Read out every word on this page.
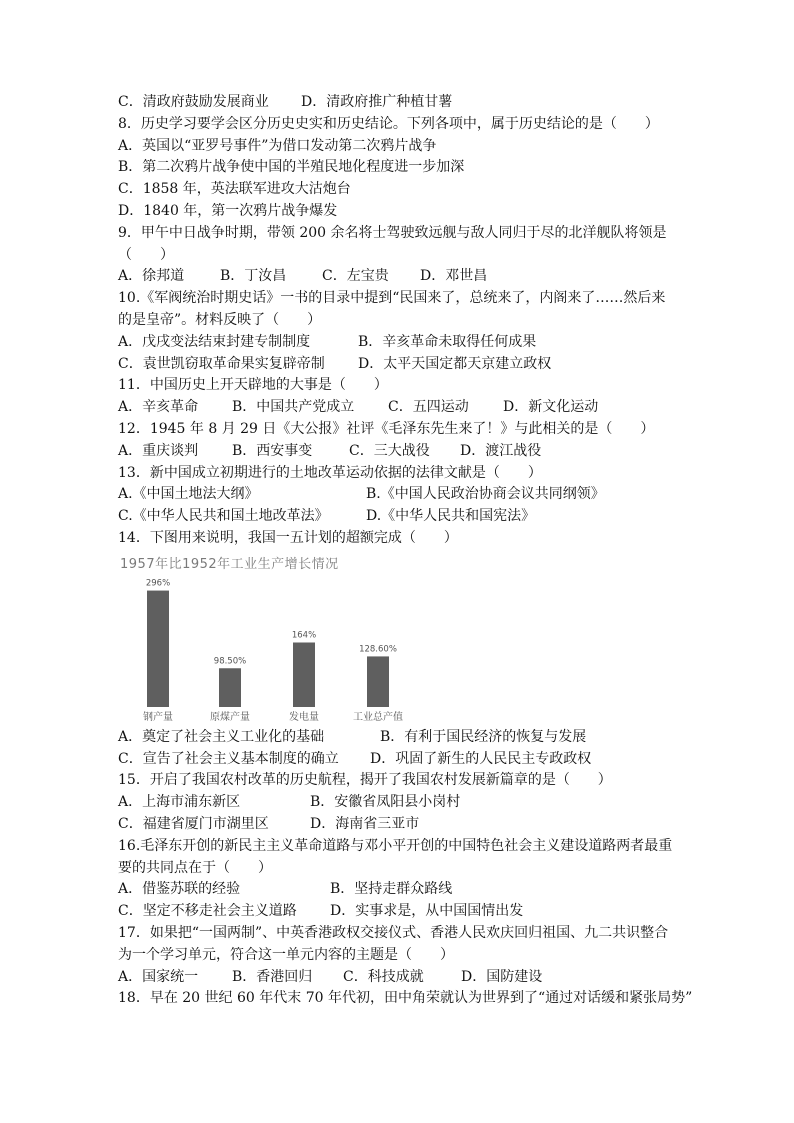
C．清政府鼓励发展商业	D．清政府推广种植甘薯
8．历史学习要学会区分历史史实和历史结论。下列各项中，属于历史结论的是（　　）
A．英国以“亚罗号事件”为借口发动第二次鸦片战争
B．第二次鸦片战争使中国的半殖民地化程度进一步加深
C．1858 年，英法联军进攻大沽炮台
D．1840 年，第一次鸦片战争爆发
9．甲午中日战争时期，带领 200 余名将士驾驶致远舰与敌人同归于尽的北洋舰队将领是
（　　）
A．徐邦道	B．丁汝昌	C．左宝贵	D．邓世昌
10.《军阀统治时期史话》一书的目录中提到“民国来了，总统来了，内阁来了……然后来
的是皇帝”。材料反映了（　　）
A．戊戌变法结束封建专制制度	B．辛亥革命未取得任何成果
C．袁世凯窃取革命果实复辟帝制	D．太平天国定都天京建立政权
11．中国历史上开天辟地的大事是（　　）
A．辛亥革命	B．中国共产党成立	C．五四运动	D．新文化运动
12．1945 年 8 月 29 日《大公报》社评《毛泽东先生来了！》与此相关的是（　　）
A．重庆谈判	B．西安事变	C．三大战役	D．渡江战役
13．新中国成立初期进行的土地改革运动依据的法律文献是（　　）
A.《中国土地法大纲》	B.《中国人民政治协商会议共同纲领》
C.《中华人民共和国土地改革法》	D.《中华人民共和国宪法》
14．下图用来说明，我国一五计划的超额完成（　　）
1957年比1952年工业生产增长情况
296%
钢产量
98.50%
原煤产量
164%
发电量
128.60%
工业总产值
A．奠定了社会主义工业化的基础	B．有利于国民经济的恢复与发展
C．宣告了社会主义基本制度的确立	D．巩固了新生的人民民主专政政权
15．开启了我国农村改革的历史航程，揭开了我国农村发展新篇章的是（　　）
A．上海市浦东新区	B．安徽省凤阳县小岗村
C．福建省厦门市湖里区	D．海南省三亚市
16.毛泽东开创的新民主主义革命道路与邓小平开创的中国特色社会主义建设道路两者最重
要的共同点在于（　　）
A．借鉴苏联的经验	B．坚持走群众路线
C．坚定不移走社会主义道路	D．实事求是，从中国国情出发
17．如果把“一国两制”、中英香港政权交接仪式、香港人民欢庆回归祖国、九二共识整合
为一个学习单元，符合这一单元内容的主题是（　　）
A．国家统一	B．香港回归	C．科技成就	D．国防建设
18．早在 20 世纪 60 年代末 70 年代初，田中角荣就认为世界到了“通过对话缓和紧张局势”
